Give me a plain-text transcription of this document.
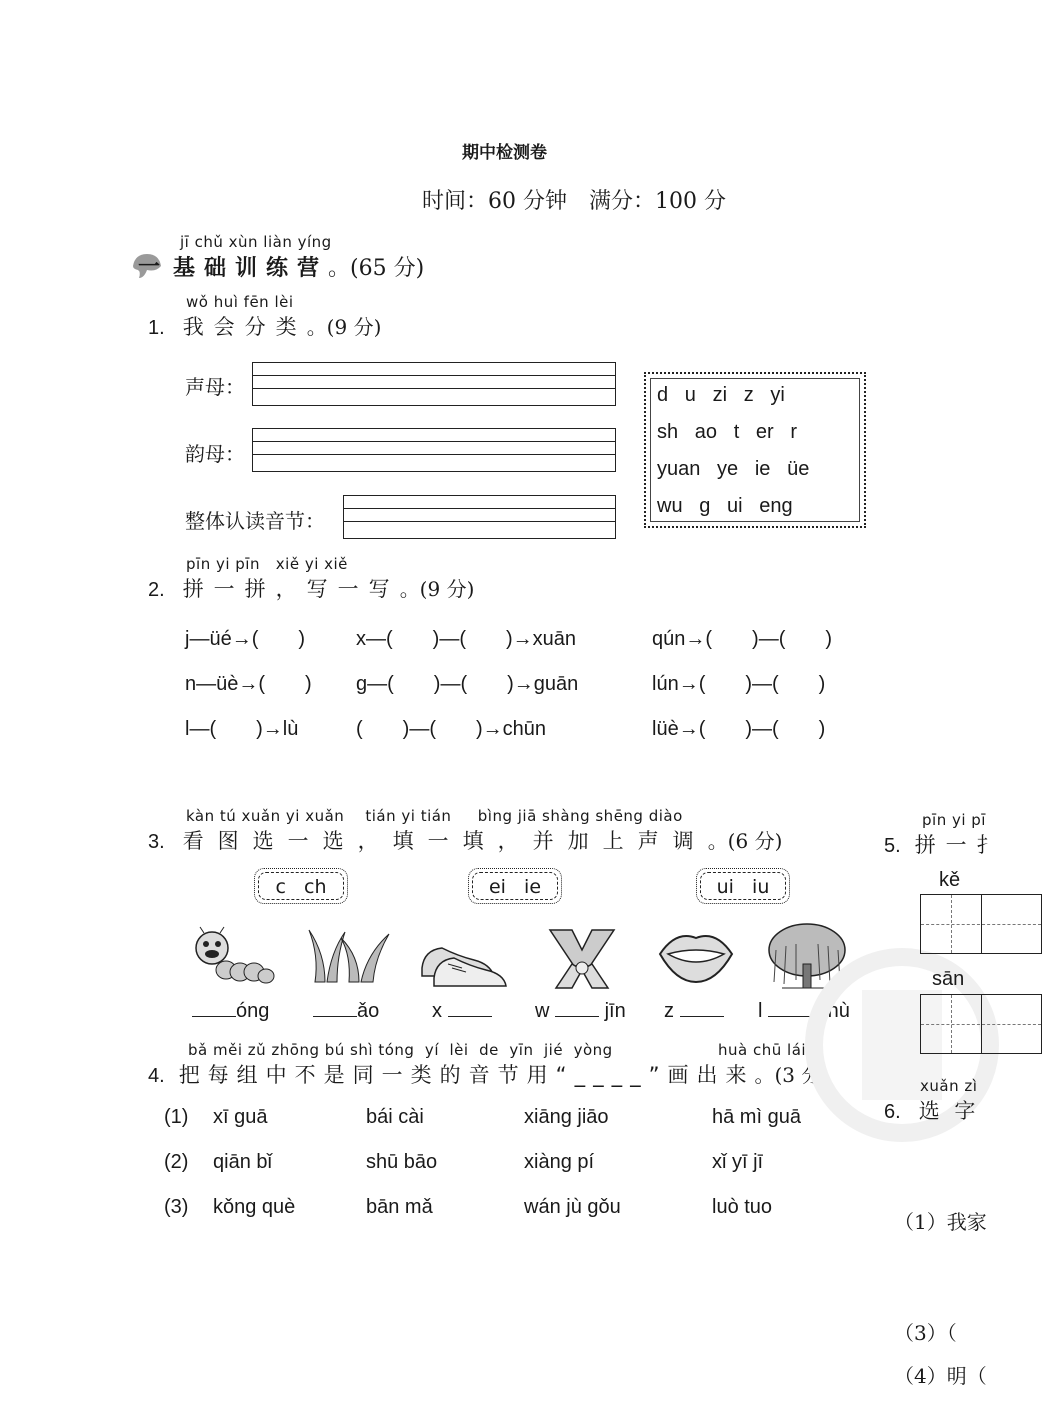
期中检测卷
时间：60 分钟　满分：100 分
jī chǔ xùn liàn yíng
一 基础训练营。(65 分)
wǒ huì fēn lèi
1. 我会分类。(9 分)
声母：
韵母：
整体认读音节：
d   u   zi   z   yi
sh   ao   t   er   r
yuan   ye   ie   üe
wu   g   ui   eng
pīn yi pīn   xiě yi xiě
2. 拼一拼，写一写。(9 分)
j—üé→(　　)	x—(　　)—(　　)→xuān	qún→(　　)—(　　)
n—üè→(　　) g—(　　)—(　　)→guān	lún→(　　)—(　　)
l—(　　)→lù	(　　)—(　　)→chūn	lüè→(　　)—(　　)
kàn tú xuǎn yi xuǎn    tián yi tián     bìng jiā shàng shēng diào
3. 看图选一选，填一填，并加上声调。(6 分)
c   ch	ei   ie	ui   iu
óng	ǎo	x	w	jīn z	l	shù
bǎ měi zǔ zhōng bú shì tóng  yí  lèi  de  yīn  jié  yòng                    huà chū lái
4. 把每组中不是同一类的音节用“____”画出来。(3 分)
(1) xī guā	bái cài	xiāng jiāo	hā mì guā
(2) qiān bǐ	shū bāo	xiàng pí	xǐ yī jī
(3) kǒng què	bān mǎ	wán jù gǒu	luò tuo
pīn yi pī
5. 拼一扌
kě
sān
xuǎn zì
6. 选 字
（1）我家
（3）（
（4）明（
